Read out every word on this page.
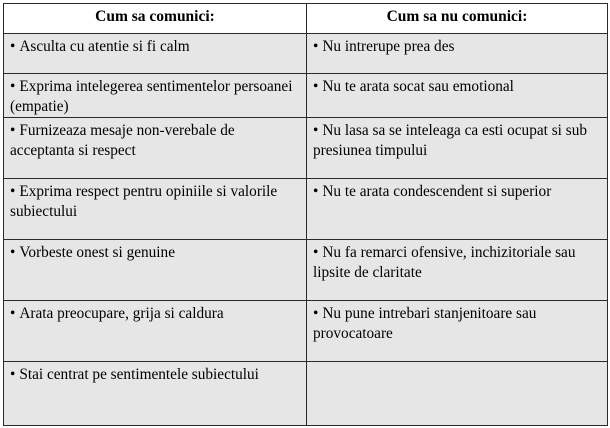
Cum sa comunici:	Cum sa nu comunici:
• Asculta cu atentie si fi calm	• Nu intrerupe prea des
• Exprima intelegerea sentimentelor persoanei (empatie)	• Nu te arata socat sau emotional
• Furnizeaza mesaje non-verebale de acceptanta si respect	• Nu lasa sa se inteleaga ca esti ocupat si sub presiunea timpului
• Exprima respect pentru opiniile si valorile subiectului	• Nu te arata condescendent si superior
• Vorbeste onest si genuine	• Nu fa remarci ofensive, inchizitoriale sau lipsite de claritate
• Arata preocupare, grija si caldura	• Nu pune intrebari stanjenitoare sau provocatoare
• Stai centrat pe sentimentele subiectului	
